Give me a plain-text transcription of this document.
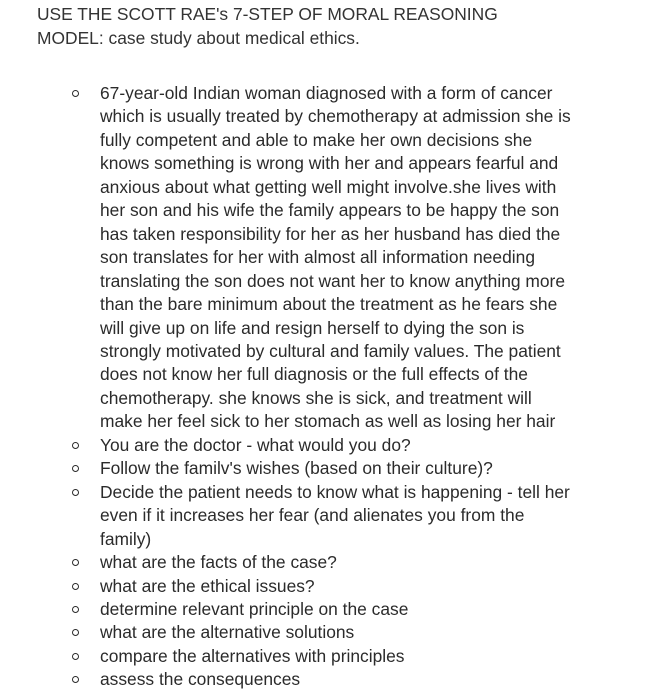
USE THE SCOTT RAE's 7-STEP OF MORAL REASONING
MODEL: case study about medical ethics.
67-year-old Indian woman diagnosed with a form of cancer
which is usually treated by chemotherapy at admission she is
fully competent and able to make her own decisions she
knows something is wrong with her and appears fearful and
anxious about what getting well might involve.she lives with
her son and his wife the family appears to be happy the son
has taken responsibility for her as her husband has died the
son translates for her with almost all information needing
translating the son does not want her to know anything more
than the bare minimum about the treatment as he fears she
will give up on life and resign herself to dying the son is
strongly motivated by cultural and family values. The patient
does not know her full diagnosis or the full effects of the
chemotherapy. she knows she is sick, and treatment will
make her feel sick to her stomach as well as losing her hair
You are the doctor - what would you do?
Follow the familv's wishes (based on their culture)?
Decide the patient needs to know what is happening - tell her
even if it increases her fear (and alienates you from the
family)
what are the facts of the case?
what are the ethical issues?
determine relevant principle on the case
what are the alternative solutions
compare the alternatives with principles
assess the consequences
